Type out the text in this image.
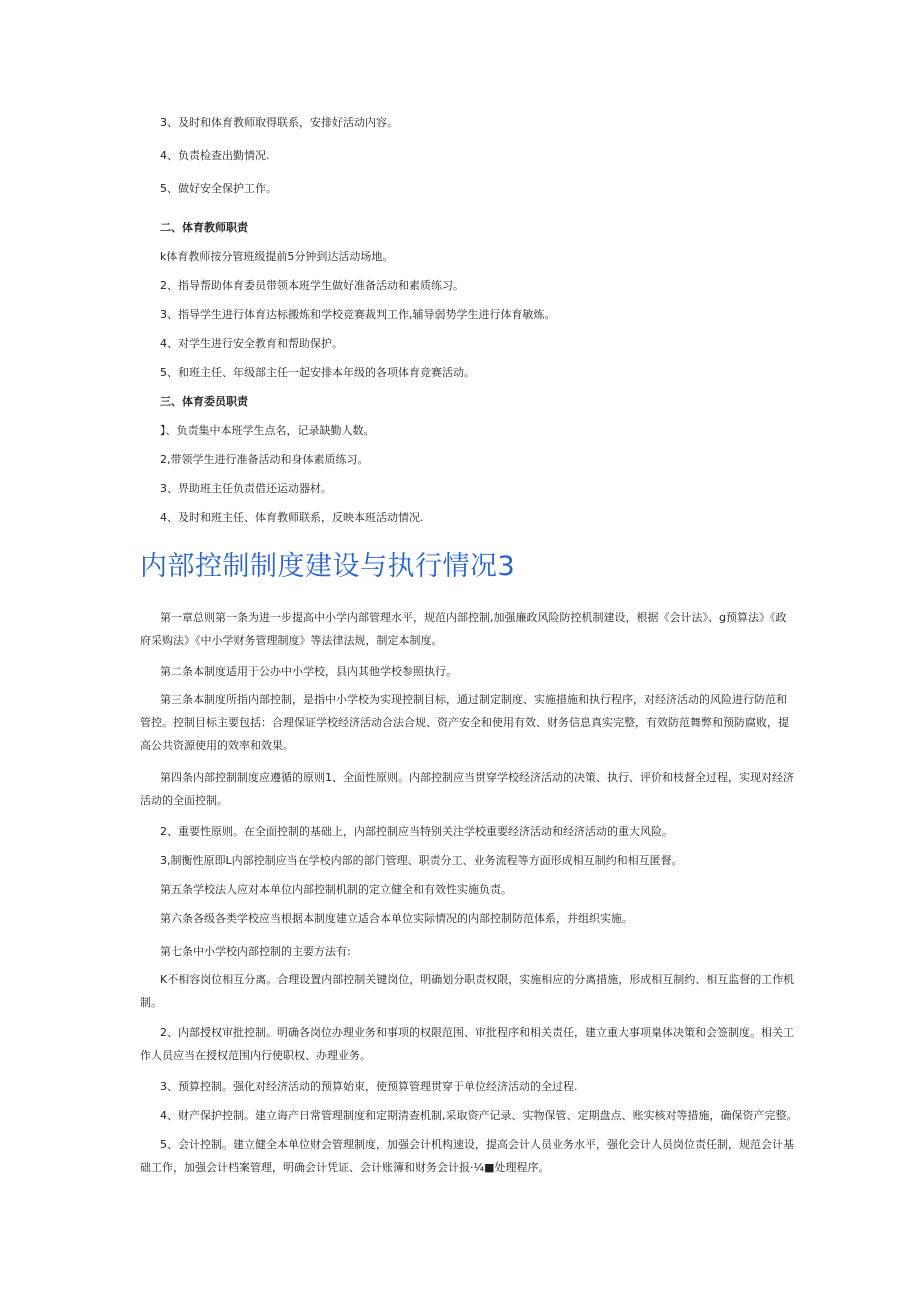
3、及时和体育教师取得联系，安排好活动内容。
4、负责检查出勤情况.
5、做好安全保护工作。
二、体育教师职责
k体育教师按分管班级提前5分钟到达活动场地。
2、指导帮助体育委员带领本班学生做好准备活动和素质练习。
3、指导学生进行体育达标搬炼和学校竞赛裁判工作,辅导弱势学生进行体育敏炼。
4、对学生进行安全教育和帮助保护。
5、和班主任、年级部主任一起安排本年级的各项体育竞赛活动。
三、体育委员职责
】、负责集中本班学生点名，记录缺勤人数。
2,带领学生进行准备活动和身体素质练习。
3、畀助班主任负责借还运动器材。
4、及时和班主任、体育教师联系，反映本班活动情况.
内部控制制度建设与执行情况3
第一章总则第一条为进一步提高中小学内部管理水平，规范内部控制,加强廉政风险防控机制建设，根据《会计法》、g预算法》《政府采购法》《中小学财务管理制度》等法律法规，制定本制度。
第二条本制度适用于公办中小学校，县内其他学校参照执行。
第三条本制度所指内部控制，是指中小学校为实现控制目标，通过制定制度、实施措施和执行程序，对经济活动的风险进行防范和管控。控制目标主要包括：合理保证学校经济活动合法合规、资产安全和使用有效、财务信息真实完整，有效防范舞弊和预防腐败，提高公共资源使用的效率和效果。
第四条内部控制制度应遵循的原则1、全面性原则。内部控制应当贯穿学校经济活动的决策、执行、评价和枝督全过程，实现对经济活动的全面控制。
2、重要性原则。在全面控制的基础上，内部控制应当特别关注学校重要经济活动和经济活动的重大风险。
3,制衡性原即L内部控制应当在学校内部的部门管理、职责分工、业务流程等方面形成相互制约和相互匿督。
第五条学校法人应对本单位内部控制机制的定立健全和有效性实施负责。
第六条各级各类学校应当根据本制度建立适合本单位实际情况的内部控制防范体系，并组织实施。
第七条中小学校内部控制的主要方法有:
K不相容岗位相互分离。合理设置内部控制关键岗位，明确划分职责权限，实施相应的分离措施，形成相互制约、相互监督的工作机制。
2、内部授权审批控制。明确各岗位办理业务和事项的权限范围、审批程序和相关责任，建立重大事项臬体决策和会签制度。相关工作人员应当在授权范围内行使职权、办理业务。
3、预算控制。强化对经济活动的预算始束，使预算管理贯穿于单位经济活动的全过程.
4、财产保护控制。建立诲产日常管理制度和定期清查机制,采取资产记录、实物保管、定期盘点、账实核对等措施，确保资产完整。
5、会计控制。建立健全本单位财会管理制度，加强会计机构速设，提高会计人员业务水平，强化会计人员岗位责任制，规范会计基础工作，加强会计档案管理，明确会计凭证、会计账簿和财务会计报·¼■处理程序。
